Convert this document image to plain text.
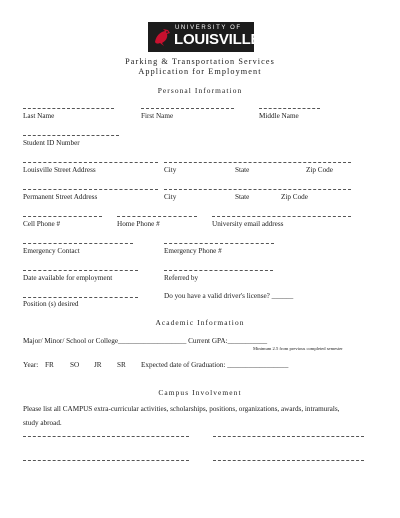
UNIVERSITY OF
LOUISVILLE
Parking & Transportation Services
Application for Employment
Personal Information
Last Name	First Name	Middle Name
Student ID Number
Louisville Street Address	City	State	Zip Code
Permanent Street Address	City	State	Zip Code
Cell Phone #	Home Phone #	University email address
Emergency Contact	Emergency Phone #
Date available for employment	Referred by
Do you have a valid driver's license? ______
Position (s) desired
Academic Information
Major/ Minor/ School or College___________________ Current GPA:___________
Minimum 2.5 from previous completed semester
Year: FR SO JR SR Expected date of Graduation: _________________
Campus Involvement
Please list all CAMPUS extra-curricular activities, scholarships, positions, organizations, awards, intramurals,
study abroad.
